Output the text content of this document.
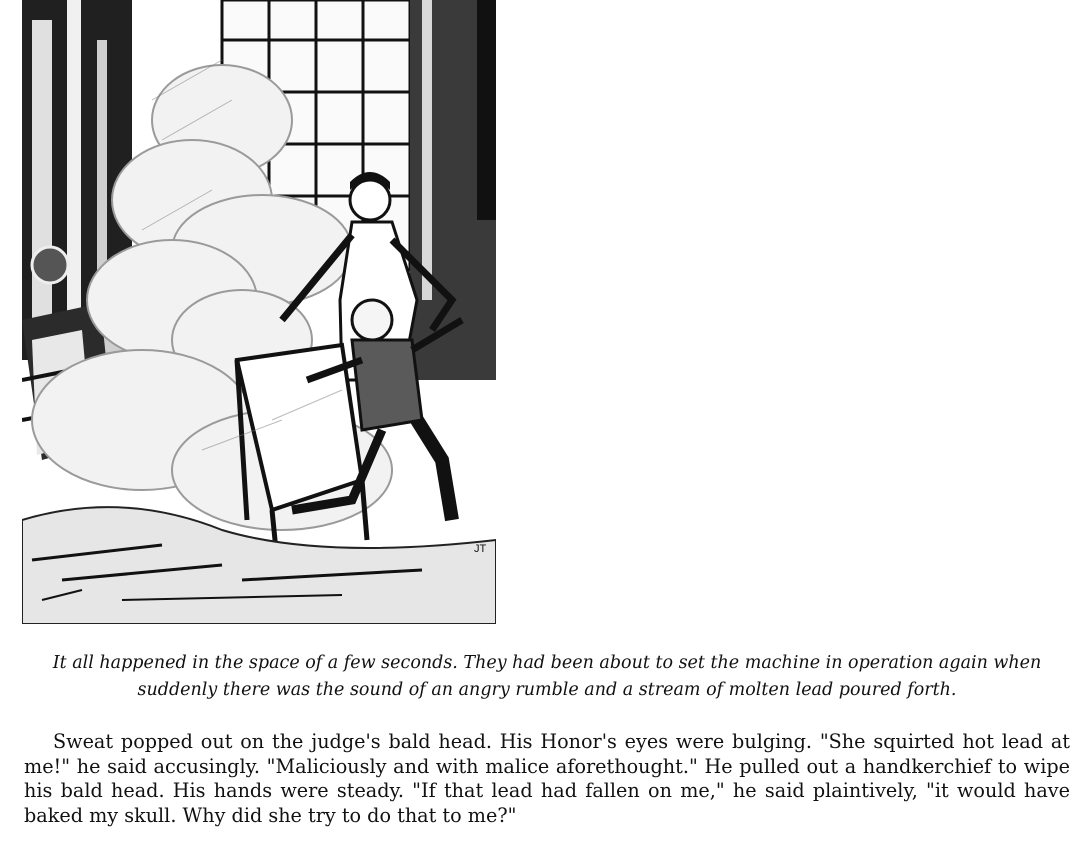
JT

It all happened in the space of a few seconds. They had been about to set the machine in operation again when suddenly there was the sound of an angry rumble and a stream of molten lead poured forth.

Sweat popped out on the judge's bald head. His Honor's eyes were bulging. "She squirted hot lead at me!" he said accusingly. "Maliciously and with malice aforethought." He pulled out a handkerchief to wipe his bald head. His hands were steady. "If that lead had fallen on me," he said plaintively, "it would have baked my skull. Why did she try to do that to me?"
